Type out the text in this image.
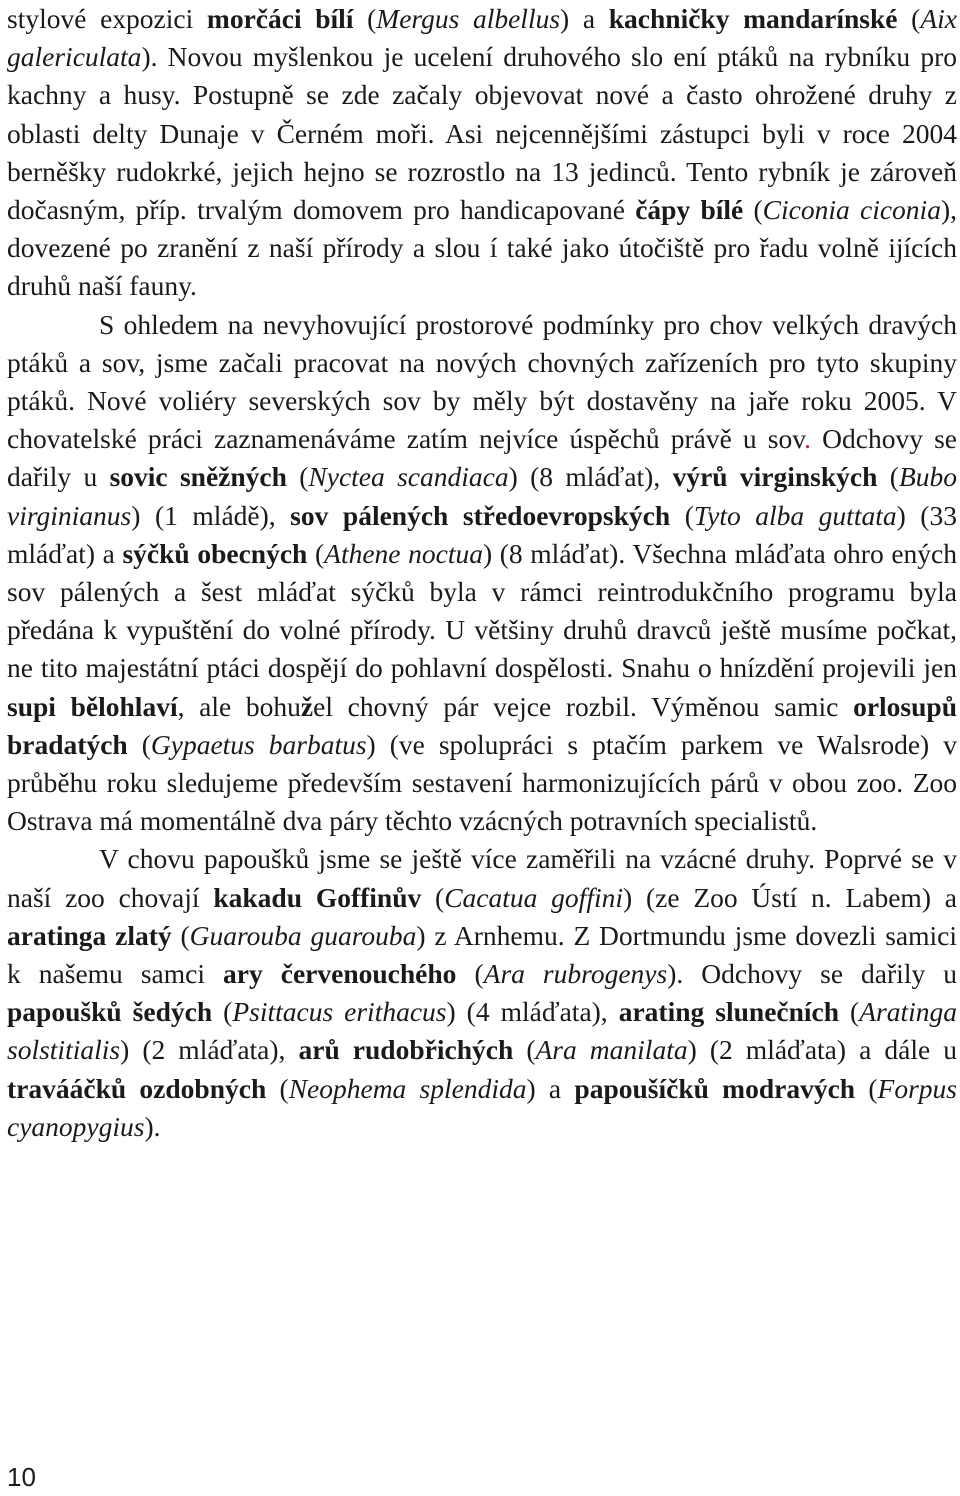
stylové expozici morčáci bílí (Mergus albellus) a kachničky mandarínské (Aix galericulata). Novou myšlenkou je ucelení druhového slo ení ptáků na rybníku pro kachny a husy. Postupně se zde začaly objevovat nové a často ohrožené druhy z oblasti delty Dunaje v Černém moři. Asi nejcennějšími zástupci byli v roce 2004 berněšky rudokrké, jejich hejno se rozrostlo na 13 jedinců. Tento rybník je zároveň dočasným, příp. trvalým domovem pro handicapované čápy bílé (Ciconia ciconia), dovezené po zranění z naší přírody a slou í také jako útočiště pro řadu volně ijících druhů naší fauny.

S ohledem na nevyhovující prostorové podmínky pro chov velkých dravých ptáků a sov, jsme začali pracovat na nových chovných zařízeních pro tyto skupiny ptáků. Nové voliéry severských sov by měly být dostavěny na jaře roku 2005. V chovatelské práci zaznamenáváme zatím nejvíce úspěchů právě u sov. Odchovy se dařily u sovic sněžných (Nyctea scandiaca) (8 mláďat), výrů virginských (Bubo virginianus) (1 mládě), sov pálených středoevropských (Tyto alba guttata) (33 mláďat) a sýčků obecných (Athene noctua) (8 mláďat). Všechna mláďata ohro ených sov pálených a šest mláďat sýčků byla v rámci reintrodukčního programu byla předána k vypuštění do volné přírody. U většiny druhů dravců ještě musíme počkat, ne tito majestátní ptáci dospějí do pohlavní dospělosti. Snahu o hnízdění projevili jen supi bělohlaví, ale bohužel chovný pár vejce rozbil. Výměnou samic orlosupů bradatých (Gypaetus barbatus) (ve spolupráci s ptačím parkem ve Walsrode) v průběhu roku sledujeme především sestavení harmonizujících párů v obou zoo. Zoo Ostrava má momentálně dva páry těchto vzácných potravních specialistů.

V chovu papoušků jsme se ještě více zaměřili na vzácné druhy. Poprvé se v naší zoo chovají kakadu Goffinův (Cacatua goffini) (ze Zoo Ústí n. Labem) a aratinga zlatý (Guarouba guarouba) z Arnhemu. Z Dortmundu jsme dovezli samici k našemu samci ary červenouchého (Ara rubrogenys). Odchovy se dařily u papoušků šedých (Psittacus erithacus) (4 mláďata), arating slunečních (Aratinga solstitialis) (2 mláďata), arů rudobřichých (Ara manilata) (2 mláďata) a dále u travááčků ozdobných (Neophema splendida) a papoušíčků modravých (Forpus cyanopygius).

10
